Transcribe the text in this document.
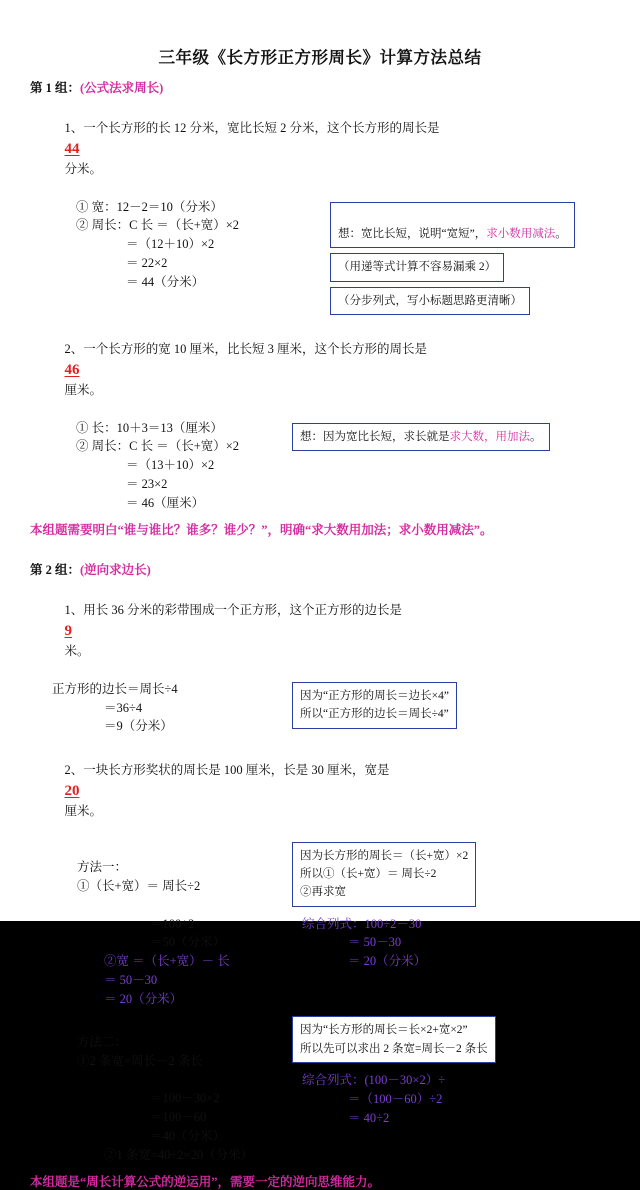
三年级《长方形正方形周长》计算方法总结
第 1 组：(公式法求周长)

1、一个长方形的长 12 分米，宽比长短 2 分米，这个长方形的周长是
44
分米。

① 宽：12－2＝10（分米）
② 周长：C 长 ＝（长+宽）×2
＝（12＋10）×2
＝ 22×2
＝ 44（分米）

想：宽比长短，说明“宽短”，求小数用减法。

（用递等式计算不容易漏乘 2）
（分步列式，写小标题思路更清晰）

2、一个长方形的宽 10 厘米，比长短 3 厘米，这个长方形的周长是
46
厘米。

① 长：10＋3＝13（厘米）
② 周长：C 长 ＝（长+宽）×2
＝（13＋10）×2
＝ 23×2
＝ 46（厘米）
想：因为宽比长短，求长就是求大数，用加法。
本组题需要明白“谁与谁比？谁多？谁少？”，明确“求大数用加法；求小数用减法”。
第 2 组：(逆向求边长)

1、用长 36 分米的彩带围成一个正方形，这个正方形的边长是
9
米。

正方形的边长＝周长÷4
＝36÷4
＝9（分米）
因为“正方形的周长＝边长×4”
所以“正方形的边长＝周长÷4”

2、一块长方形奖状的周长是 100 厘米，长是 30 厘米，宽是
20
厘米。

方法一：
①（长+宽）＝ 周长÷2

＝100÷2
＝50（分米）
②宽 ＝（长+宽）－ 长
＝ 50－30
＝ 20（分米）
因为长方形的周长＝（长+宽）×2
所以①（长+宽）＝ 周长÷2
②再求宽
综合列式：100÷2－30
＝ 50－30
＝ 20（分米）

方法二：
①2 条宽=周长－2 条长

＝100－30×2
＝100－60
＝40（分米）
②1 条宽=40÷2=20（分米）
因为“长方形的周长＝长×2+宽×2”
所以先可以求出 2 条宽=周长－2 条长
综合列式：(100－30×2）÷
＝（100－60）÷2
＝ 40÷2
本组题是“周长计算公式的逆运用”，需要一定的逆向思维能力。
